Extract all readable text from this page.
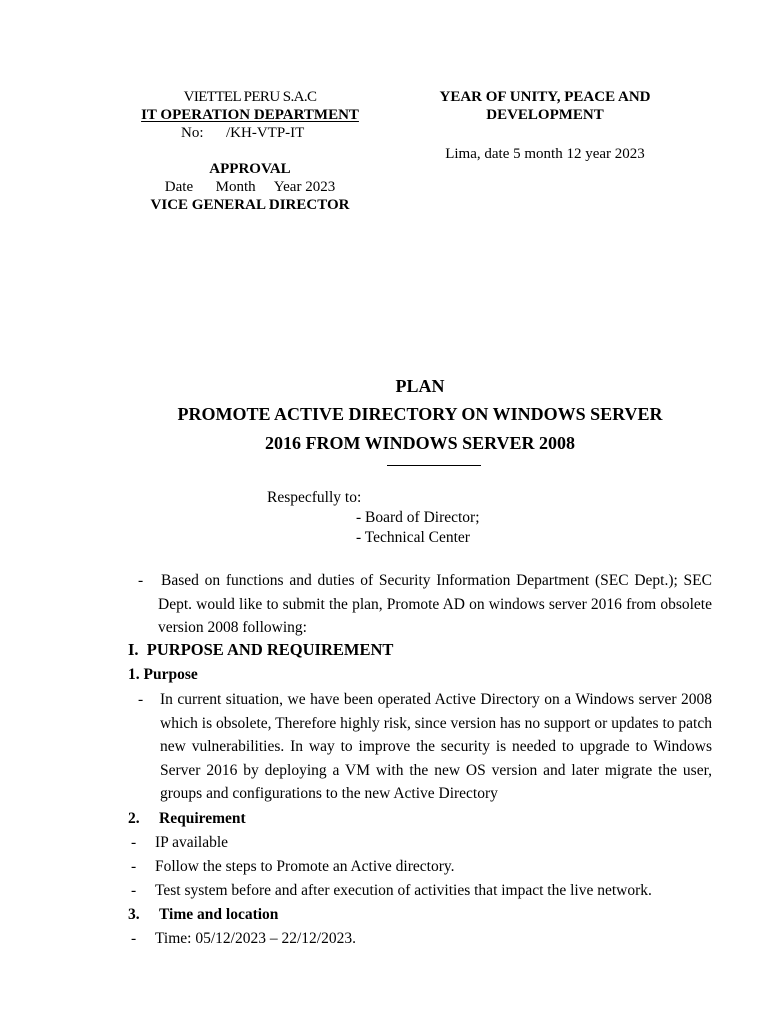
VIETTEL PERU S.A.C
IT OPERATION DEPARTMENT
No:      /KH-VTP-IT
APPROVAL
Date      Month     Year 2023
VICE GENERAL DIRECTOR
YEAR OF UNITY, PEACE AND
DEVELOPMENT
Lima, date 5 month 12 year 2023
PLAN
PROMOTE ACTIVE DIRECTORY ON WINDOWS SERVER
2016 FROM WINDOWS SERVER 2008
Respecfully to:
- Board of Director;
- Technical Center
- Based on functions and duties of Security Information Department (SEC Dept.); SEC Dept. would like to submit the plan, Promote AD on windows server 2016 from obsolete version 2008 following:
I.  PURPOSE AND REQUIREMENT
1. Purpose
- In current situation, we have been operated Active Directory on a Windows server 2008 which is obsolete, Therefore highly risk, since version has no support or updates to patch new vulnerabilities. In way to improve the security is needed to upgrade to Windows Server 2016 by deploying a VM with the new OS version and later migrate the user, groups and configurations to the new Active Directory
2. Requirement
- IP available
- Follow the steps to Promote an Active directory.
- Test system before and after execution of activities that impact the live network.
3. Time and location
- Time: 05/12/2023 – 22/12/2023.
